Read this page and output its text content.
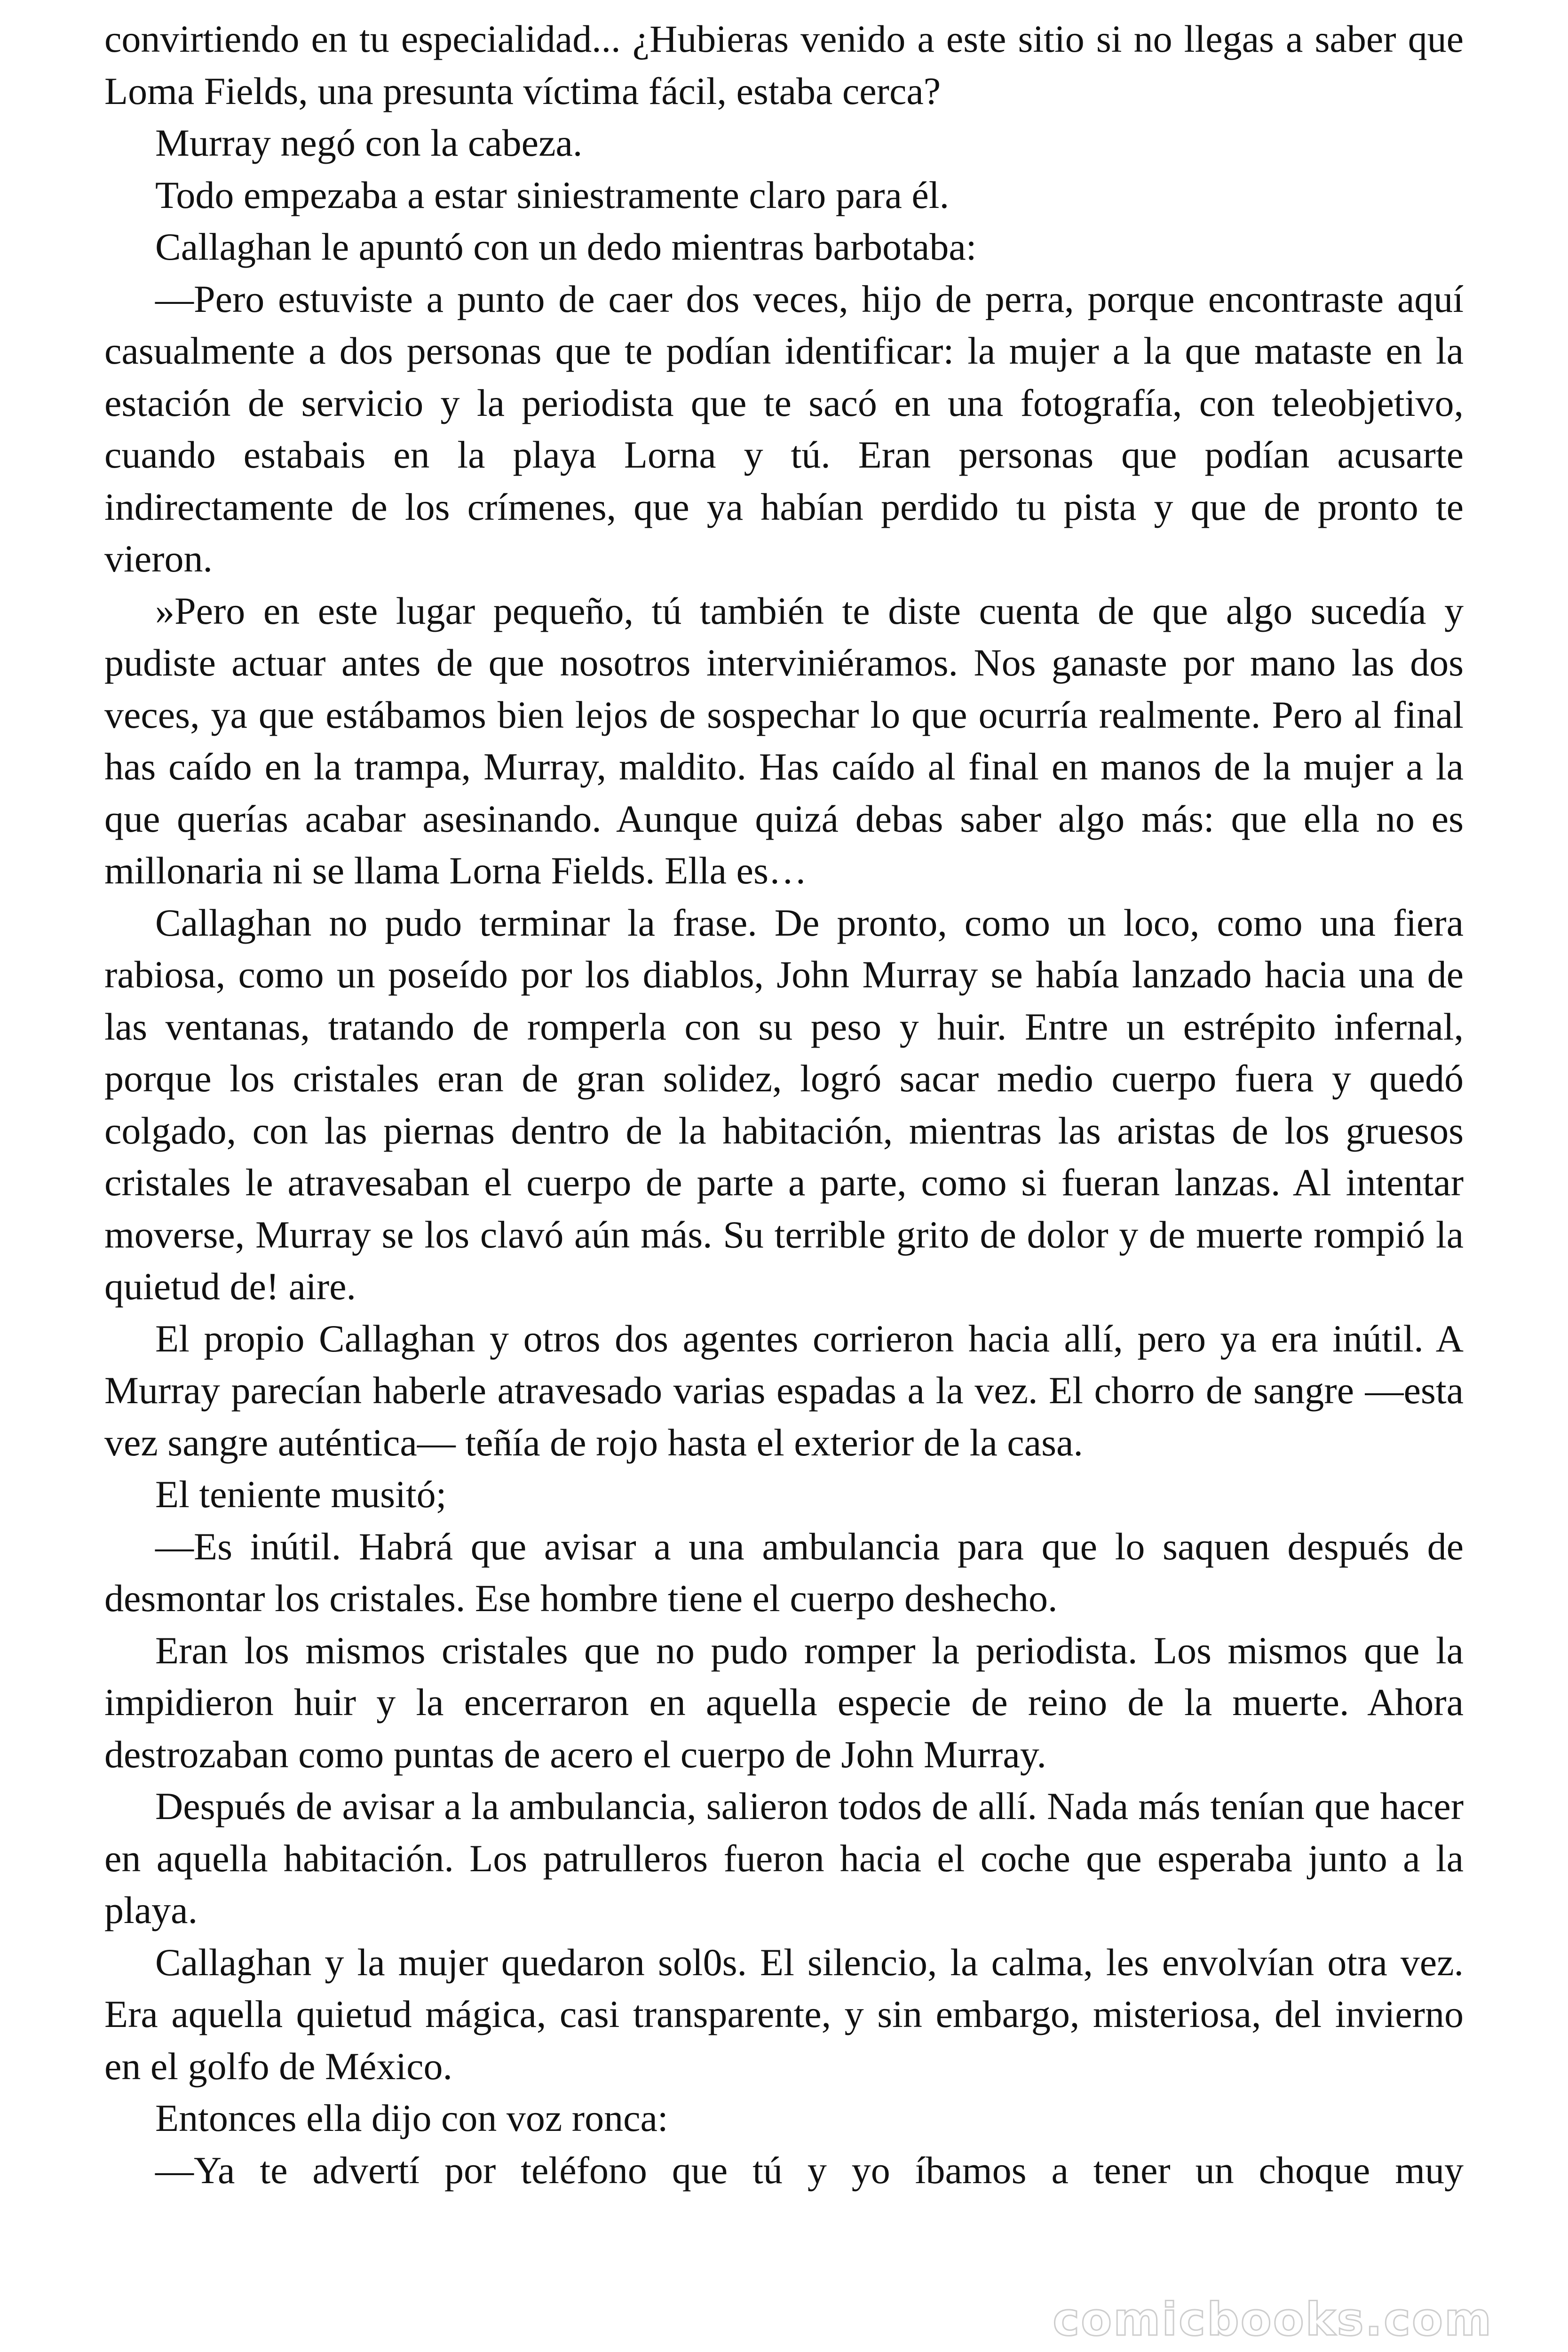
convirtiendo en tu especialidad... ¿Hubieras venido a este sitio si no llegas a saber que Loma Fields, una presunta víctima fácil, estaba cerca?

Murray negó con la cabeza.

Todo empezaba a estar siniestramente claro para él.

Callaghan le apuntó con un dedo mientras barbotaba:

—Pero estuviste a punto de caer dos veces, hijo de perra, porque encontraste aquí casualmente a dos personas que te podían identificar: la mujer a la que mataste en la estación de servicio y la periodista que te sacó en una fotografía, con teleobjetivo, cuando estabais en la playa Lorna y tú. Eran personas que podían acusarte indirectamente de los crímenes, que ya habían perdido tu pista y que de pronto te vieron.

»Pero en este lugar pequeño, tú también te diste cuenta de que algo sucedía y pudiste actuar antes de que nosotros interviniéramos. Nos ganaste por mano las dos veces, ya que estábamos bien lejos de sospechar lo que ocurría realmente. Pero al final has caído en la trampa, Murray, maldito. Has caído al final en manos de la mujer a la que querías acabar asesinando. Aunque quizá debas saber algo más: que ella no es millonaria ni se llama Lorna Fields. Ella es…

Callaghan no pudo terminar la frase. De pronto, como un loco, como una fiera rabiosa, como un poseído por los diablos, John Murray se había lanzado hacia una de las ventanas, tratando de romperla con su peso y huir. Entre un estrépito infernal, porque los cristales eran de gran solidez, logró sacar medio cuerpo fuera y quedó colgado, con las piernas dentro de la habitación, mientras las aristas de los gruesos cristales le atravesaban el cuerpo de parte a parte, como si fueran lanzas. Al intentar moverse, Murray se los clavó aún más. Su terrible grito de dolor y de muerte rompió la quietud de! aire.

El propio Callaghan y otros dos agentes corrieron hacia allí, pero ya era inútil. A Murray parecían haberle atravesado varias espadas a la vez. El chorro de sangre —esta vez sangre auténtica— teñía de rojo hasta el exterior de la casa.

El teniente musitó;

—Es inútil. Habrá que avisar a una ambulancia para que lo saquen después de desmontar los cristales. Ese hombre tiene el cuerpo deshecho.

Eran los mismos cristales que no pudo romper la periodista. Los mismos que la impidieron huir y la encerraron en aquella especie de reino de la muerte. Ahora destrozaban como puntas de acero el cuerpo de John Murray.

Después de avisar a la ambulancia, salieron todos de allí. Nada más tenían que hacer en aquella habitación. Los patrulleros fueron hacia el coche que esperaba junto a la playa.

Callaghan y la mujer quedaron sol0s. El silencio, la calma, les envolvían otra vez. Era aquella quietud mágica, casi transparente, y sin embargo, misteriosa, del invierno en el golfo de México.

Entonces ella dijo con voz ronca:

—Ya te advertí por teléfono que tú y yo íbamos a tener un choque muy

comicbooks.com
